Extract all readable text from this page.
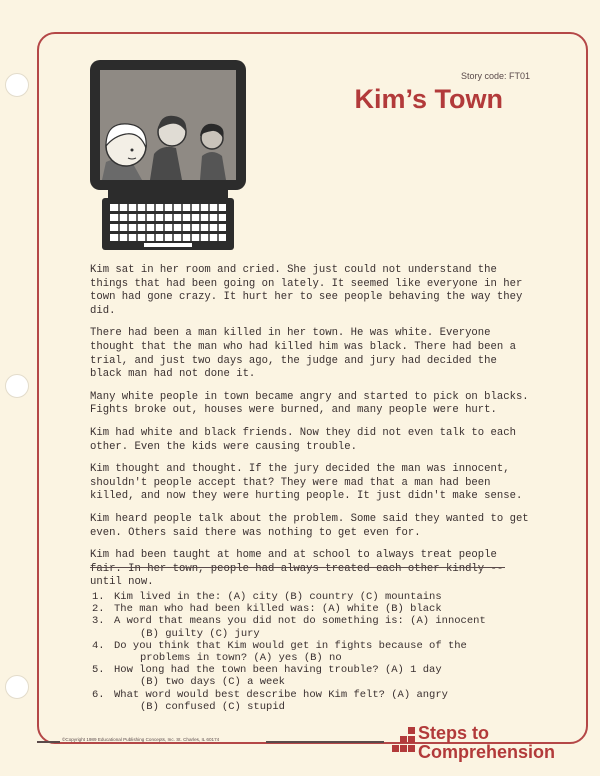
Story code: FT01
Kim’s Town

Kim sat in her room and cried. She just could not understand the things that had been going on lately. It seemed like everyone in her town had gone crazy. It hurt her to see people behaving the way they did.

There had been a man killed in her town. He was white. Everyone thought that the man who had killed him was black. There had been a trial, and just two days ago, the judge and jury had decided the black man had not done it.

Many white people in town became angry and started to pick on blacks. Fights broke out, houses were burned, and many people were hurt.

Kim had white and black friends. Now they did not even talk to each other. Even the kids were causing trouble.

Kim thought and thought. If the jury decided the man was innocent, shouldn't people accept that? They were mad that a man had been killed, and now they were hurting people. It just didn't make sense.

Kim heard people talk about the problem. Some said they wanted to get even. Others said there was nothing to get even for.

Kim had been taught at home and at school to always treat people fair. In her town, people had always treated each other kindly -- until now.

1. Kim lived in the: (A) city (B) country (C) mountains
2. The man who had been killed was: (A) white (B) black
3. A word that means you did not do something is: (A) innocent
(B) guilty (C) jury
4. Do you think that Kim would get in fights because of the
problems in town? (A) yes (B) no
5. How long had the town been having trouble? (A) 1 day
(B) two days (C) a week
6. What word would best describe how Kim felt? (A) angry
(B) confused (C) stupid
©Copyright 1989 Educational Publishing Concepts, Inc. St. Charles, IL 60174	Steps to
Comprehension
